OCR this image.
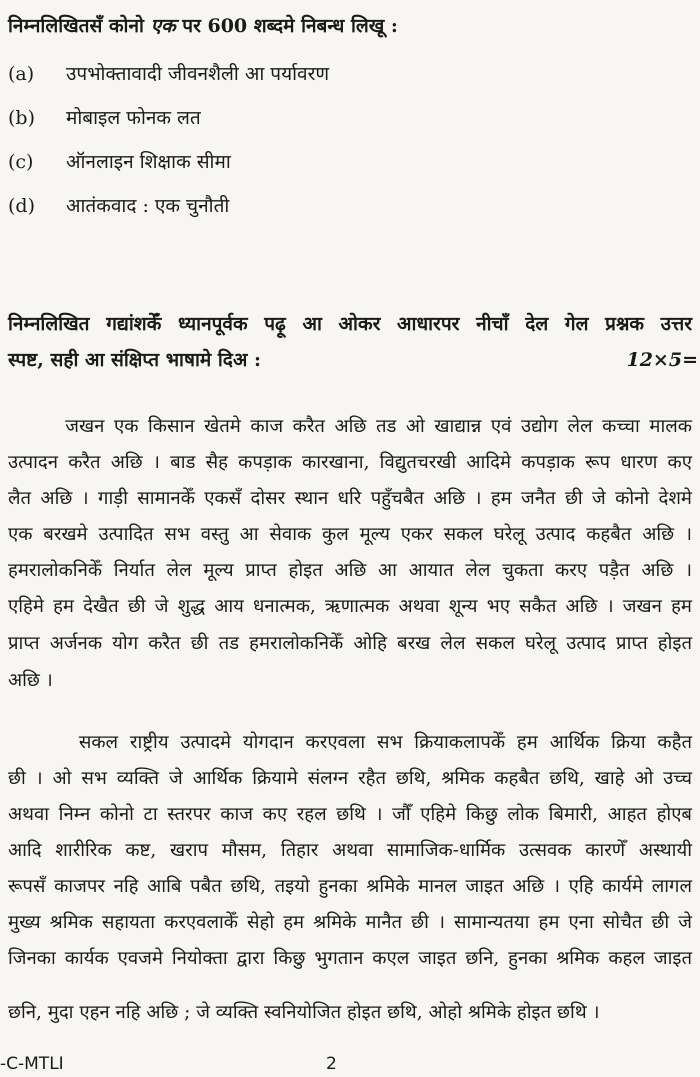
निम्नलिखितसँ कोनो एक पर 600 शब्दमे निबन्ध लिखू :
(a) उपभोक्तावादी जीवनशैली आ पर्यावरण
(b) मोबाइल फोनक लत
(c) ऑनलाइन शिक्षाक सीमा
(d) आतंकवाद : एक चुनौती
निम्नलिखित गद्यांशकेँ ध्यानपूर्वक पढ़ू आ ओकर आधारपर नीचाँ देल गेल प्रश्नक उत्तर
स्पष्ट, सही आ संक्षिप्त भाषामे दिअ :	12×5=
जखन एक किसान खेतमे काज करैत अछि तड ओ खाद्यान्न एवं उद्योग लेल कच्चा मालक
उत्पादन करैत अछि । बाड सैह कपड़ाक कारखाना, विद्युतचरखी आदिमे कपड़ाक रूप धारण कए
लैत अछि । गाड़ी सामानकेँ एकसँ दोसर स्थान धरि पहुँचबैत अछि । हम जनैत छी जे कोनो देशमे
एक बरखमे उत्पादित सभ वस्तु आ सेवाक कुल मूल्य एकर सकल घरेलू उत्पाद कहबैत अछि ।
हमरालोकनिकेँ निर्यात लेल मूल्य प्राप्त होइत अछि आ आयात लेल चुकता करए पड़ैत अछि ।
एहिमे हम देखैत छी जे शुद्ध आय धनात्मक, ऋणात्मक अथवा शून्य भए सकैत अछि । जखन हम
प्राप्त अर्जनक योग करैत छी तड हमरालोकनिकेँ ओहि बरख लेल सकल घरेलू उत्पाद प्राप्त होइत
अछि ।
सकल राष्ट्रीय उत्पादमे योगदान करएवला सभ क्रियाकलापकेँ हम आर्थिक क्रिया कहैत
छी । ओ सभ व्यक्ति जे आर्थिक क्रियामे संलग्न रहैत छथि, श्रमिक कहबैत छथि, खाहे ओ उच्च
अथवा निम्न कोनो टा स्तरपर काज कए रहल छथि । जौँ एहिमे किछु लोक बिमारी, आहत होएब
आदि शारीरिक कष्ट, खराप मौसम, तिहार अथवा सामाजिक-धार्मिक उत्सवक कारणेँ अस्थायी
रूपसँ काजपर नहि आबि पबैत छथि, तइयो हुनका श्रमिके मानल जाइत अछि । एहि कार्यमे लागल
मुख्य श्रमिक सहायता करएवलाकेँ सेहो हम श्रमिके मानैत छी । सामान्यतया हम एना सोचैत छी जे
जिनका कार्यक एवजमे नियोक्ता द्वारा किछु भुगतान कएल जाइत छनि, हुनका श्रमिक कहल जाइत
छनि, मुदा एहन नहि अछि ; जे व्यक्ति स्वनियोजित होइत छथि, ओहो श्रमिके होइत छथि ।
-C-MTLI	2
